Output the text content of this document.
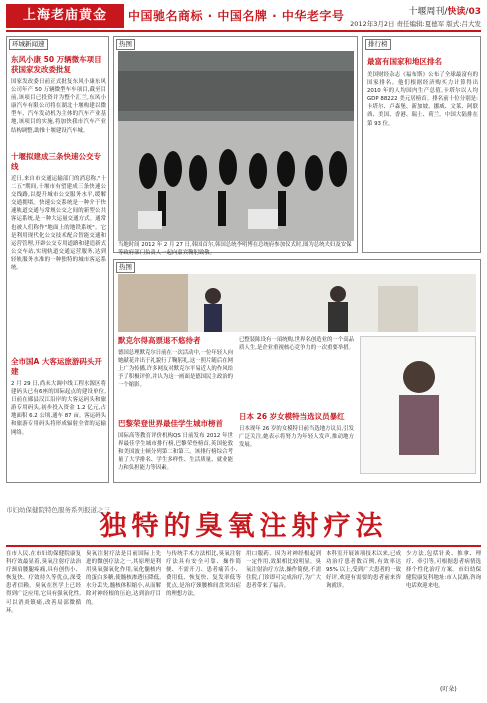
上海老庙黄金	中国驰名商标 · 中国名牌 · 中华老字号	十堰周刊/快读/03
2012年3月2日 责任编辑:夏德军 版式:吕大发
环城新闻速
东风小康 50 万辆微车项目获国家发改委批复
国家发改委日前正式批复东风小康东风公司年产 50 万辆微型车车项目,截至目前,该项目已投资并为整个汇兰,东风小康汽车有限公司将在湖北十堰构建以微型车、汽车发动机为主体的汽车产业基地,该项目的实施,将加快我市汽车产业结构调整,助推十堰建设汽车城。
十堰拟建成三条快速公交专线
近日,来自市交通运输部门的消息称,"十二五"期间,十堰市有望建成三条快速公交线路,以提升城市公交服务水平,缓解交通拥堵。快速公交系统是一种介于快速轨道交通与常规公交之间的新型公共客运系统,是一种大运量交通方式。通常也被人们称作"地面上的地铁系统"。它是利用现代化公交技术配合智能交通和运营管理,开辟公交专用道路和建造新式公交车站,实现轨道交通运营服务,达到轻轨服务水准的一种独特的城市客运系统。
全市国A 大客运旅游码头开建
2 月 29 日,尚未大调中线工程水源区将建码头已有6座的国际起点的建设单位,日前在郧县汉江沿岸的大客运码头和旅游专用码头,初步投入资金 1.2 亿元,占地面积 6.2 公顷,通车 87 亩。客运码头和旅游专用码头将形成辐射全省的运输网络。
热图
当地时间 2012 年 2 月 27 日,韩国首尔,韩国总统李明博在总统府参加仪式时,图为总统夫妇及安保等政府部门负责人一起向嘉宾鞠躬致敬。
排行榜
最富有国家和地区排名
美国财经杂志《福布斯》公布了全球最富有的国家排名。他们根据经济购买力计算得出 2010 年的人均国内生产总值,卡塔尔以人均GDP 88222 美元居榜首。排名前十位分别是:卡塔尔、卢森堡、新加坡、挪威、文莱、阿联酋、美国、香港、瑞士、荷兰。中国大陆排在第 93 位。
热图
默克尔得高票退不悠待者
德国总理默克尔日前在一次活动中,一位年轻人向她献花并出于礼貌行了鞠躬礼,这一照片随后在网上广为传播,许多网友对默克尔平易近人的作风给予了积极评价,并认为这一画面是德国民主政治的一个缩影。
巴黎荣登世界最佳学生城市榜首
国际高等教育评价机构QS 日前发布 2012 年世界最佳学生城市排行榜,巴黎荣登榜首,英国伦敦和美国波士顿分列第二和第三。该排行榜综合考量了大学排名、学生多样性、生活质量、就业能力和负担能力等因素。
已整装陈设有一項统购,世界名创造业的一个高品质人生,是企业重视核心竞争力的一次重要举措。
日本 26 岁女模特当选议员暴红
日本现年 26 岁的女模特日前当选地方议员,引发广泛关注,她表示将努力为年轻人发声,推动地方发展。
市妇幼保健院特色服务系列报道之三
独特的臭氧注射疗法
在市人民,在市妇幼保健院康复科疗效最显着,臭氧注射疗法治疗颈肩腰腿疼痛,具有创伤小、恢复快、疗效持久等优点,深受患者信赖。臭氧在医学上已经得到广泛应用,它具有强氧化性,可以消炎镇痛,改善局部微循环。
臭氧注射疗法是目前国际上先进的微创疗法之一,其原理是利用臭氧强氧化作用,氧化髓核内的蛋白多糖,使髓核渗透压降低,水分丢失,髓核体积缩小,从而解除对神经根的压迫,达到治疗目的。
与传统手术方法相比,臭氧注射疗法具有安全可靠、操作简便、不需开刀、患者痛苦小、费用低、恢复快、复发率低等优点,是治疗颈腰椎间盘突出症的理想方法。
用口服药、因为对神经根起到一定作用,效果相比较明显。臭氧注射治疗方法,操作简便,不需住院,门诊即可完成治疗,为广大患者带来了福音。
本科室开展该项技术以来,已成功治疗患者数百例,有效率达 95% 以上,受到广大患者的一致好评,欢迎有需要的患者前来咨询就诊。
少方法,包括针灸、推拿、理疗、牵引等,可根据患者病情选择个性化治疗方案。市妇幼保健院康复科地址:市人民路,咨询电话欢迎来电。
(叮朵)
